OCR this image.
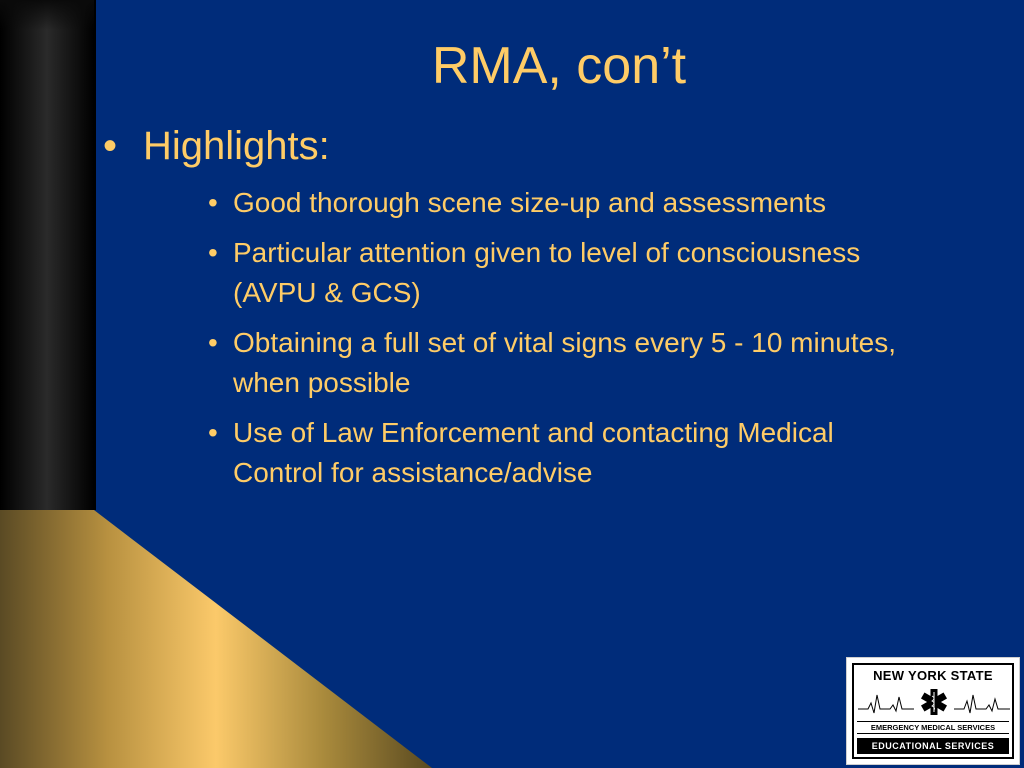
RMA, con’t
• Highlights:
• Good thorough scene size-up and assessments
• Particular attention given to level of consciousness (AVPU & GCS)
• Obtaining a full set of vital signs every 5 - 10 minutes, when possible
• Use of Law Enforcement and contacting Medical Control for assistance/advise
NEW YORK STATE
EMERGENCY MEDICAL SERVICES
EDUCATIONAL SERVICES
